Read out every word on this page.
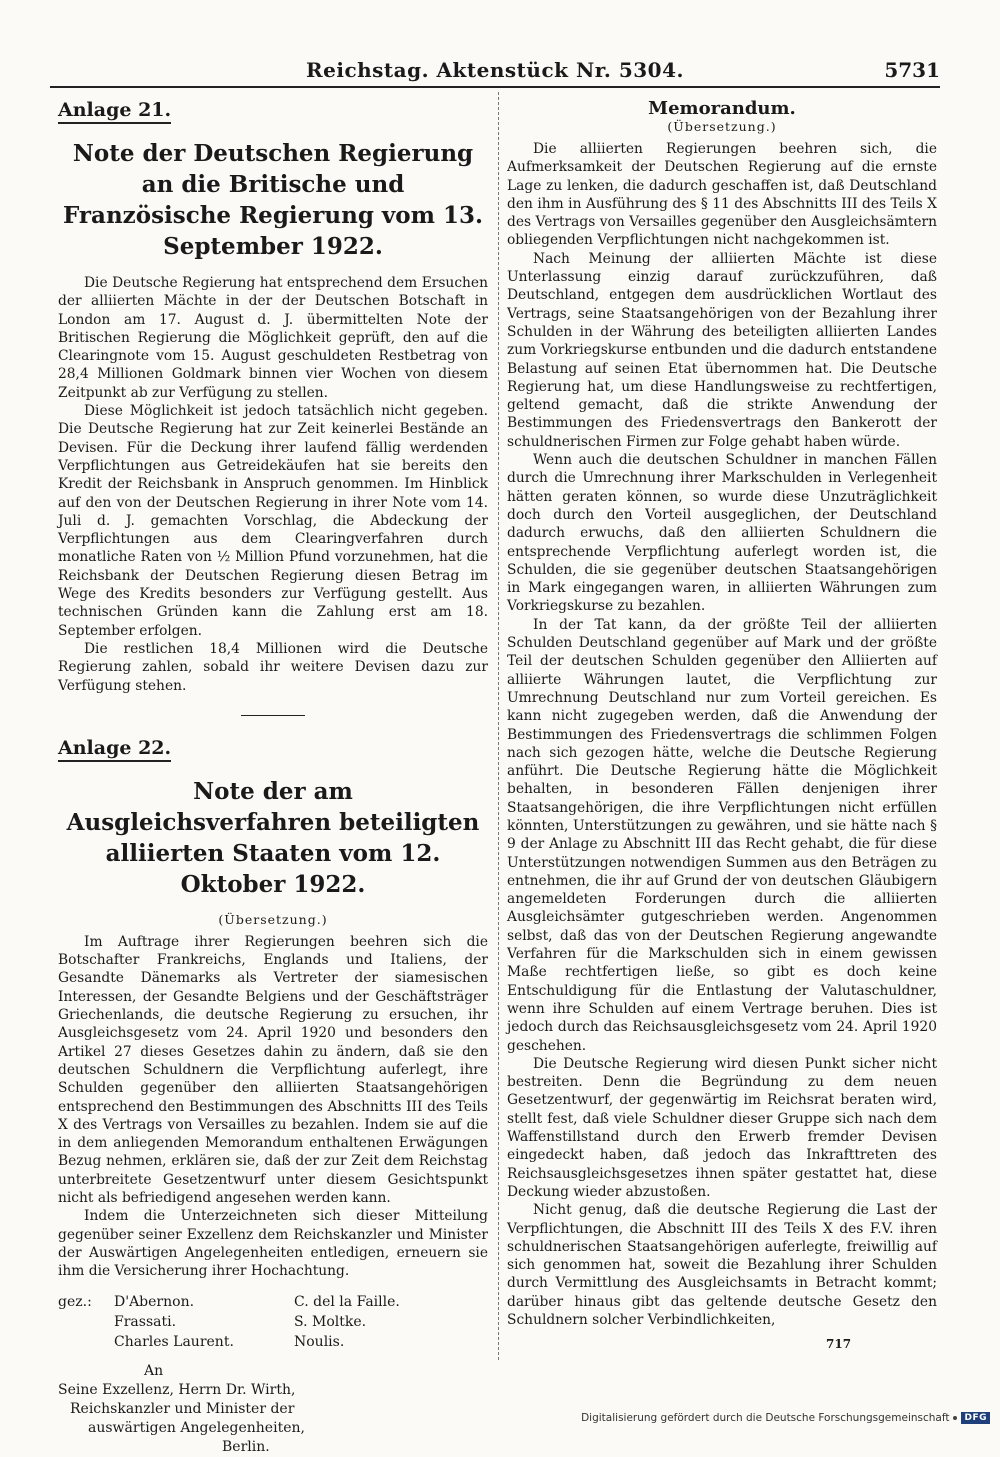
Reichstag. Aktenstück Nr. 5304.	5731
Anlage 21.
Note der Deutschen Regierung an die Britische und Französische Regierung vom 13. September 1922.

Die Deutsche Regierung hat entsprechend dem Ersuchen der alliierten Mächte in der der Deutschen Botschaft in London am 17. August d. J. übermittelten Note der Britischen Regierung die Möglichkeit geprüft, den auf die Clearingnote vom 15. August geschuldeten Restbetrag von 28,4 Millionen Goldmark binnen vier Wochen von diesem Zeitpunkt ab zur Verfügung zu stellen.

Diese Möglichkeit ist jedoch tatsächlich nicht gegeben. Die Deutsche Regierung hat zur Zeit keinerlei Bestände an Devisen. Für die Deckung ihrer laufend fällig werdenden Verpflichtungen aus Getreidekäufen hat sie bereits den Kredit der Reichsbank in Anspruch genommen. Im Hinblick auf den von der Deutschen Regierung in ihrer Note vom 14. Juli d. J. gemachten Vorschlag, die Abdeckung der Verpflichtungen aus dem Clearingverfahren durch monatliche Raten von ½ Million Pfund vorzunehmen, hat die Reichsbank der Deutschen Regierung diesen Betrag im Wege des Kredits besonders zur Verfügung gestellt. Aus technischen Gründen kann die Zahlung erst am 18. September erfolgen.

Die restlichen 18,4 Millionen wird die Deutsche Regierung zahlen, sobald ihr weitere Devisen dazu zur Verfügung stehen.

Anlage 22.
Note der am Ausgleichsverfahren beteiligten alliierten Staaten vom 12. Oktober 1922.
(Übersetzung.)

Im Auftrage ihrer Regierungen beehren sich die Botschafter Frankreichs, Englands und Italiens, der Gesandte Dänemarks als Vertreter der siamesischen Interessen, der Gesandte Belgiens und der Geschäftsträger Griechenlands, die deutsche Regierung zu ersuchen, ihr Ausgleichsgesetz vom 24. April 1920 und besonders den Artikel 27 dieses Gesetzes dahin zu ändern, daß sie den deutschen Schuldnern die Verpflichtung auferlegt, ihre Schulden gegenüber den alliierten Staatsangehörigen entsprechend den Bestimmungen des Abschnitts III des Teils X des Vertrags von Versailles zu bezahlen. Indem sie auf die in dem anliegenden Memorandum enthaltenen Erwägungen Bezug nehmen, erklären sie, daß der zur Zeit dem Reichstag unterbreitete Gesetzentwurf unter diesem Gesichtspunkt nicht als befriedigend angesehen werden kann.

Indem die Unterzeichneten sich dieser Mitteilung gegenüber seiner Exzellenz dem Reichskanzler und Minister der Auswärtigen Angelegenheiten entledigen, erneuern sie ihm die Versicherung ihrer Hochachtung.

gez.:	D'Abernon.	C. del la Faille.
	Frassati.	S. Moltke.
	Charles Laurent.	Noulis.
An
Seine Exzellenz, Herrn Dr. Wirth,
Reichskanzler und Minister der
auswärtigen Angelegenheiten,
Berlin.
Memorandum.
(Übersetzung.)

Die alliierten Regierungen beehren sich, die Aufmerksamkeit der Deutschen Regierung auf die ernste Lage zu lenken, die dadurch geschaffen ist, daß Deutschland den ihm in Ausführung des § 11 des Abschnitts III des Teils X des Vertrags von Versailles gegenüber den Ausgleichsämtern obliegenden Verpflichtungen nicht nachgekommen ist.

Nach Meinung der alliierten Mächte ist diese Unterlassung einzig darauf zurückzuführen, daß Deutschland, entgegen dem ausdrücklichen Wortlaut des Vertrags, seine Staatsangehörigen von der Bezahlung ihrer Schulden in der Währung des beteiligten alliierten Landes zum Vorkriegskurse entbunden und die dadurch entstandene Belastung auf seinen Etat übernommen hat. Die Deutsche Regierung hat, um diese Handlungsweise zu rechtfertigen, geltend gemacht, daß die strikte Anwendung der Bestimmungen des Friedensvertrags den Bankerott der schuldnerischen Firmen zur Folge gehabt haben würde.

Wenn auch die deutschen Schuldner in manchen Fällen durch die Umrechnung ihrer Markschulden in Verlegenheit hätten geraten können, so wurde diese Unzuträglichkeit doch durch den Vorteil ausgeglichen, der Deutschland dadurch erwuchs, daß den alliierten Schuldnern die entsprechende Verpflichtung auferlegt worden ist, die Schulden, die sie gegenüber deutschen Staatsangehörigen in Mark eingegangen waren, in alliierten Währungen zum Vorkriegskurse zu bezahlen.

In der Tat kann, da der größte Teil der alliierten Schulden Deutschland gegenüber auf Mark und der größte Teil der deutschen Schulden gegenüber den Alliierten auf alliierte Währungen lautet, die Verpflichtung zur Umrechnung Deutschland nur zum Vorteil gereichen. Es kann nicht zugegeben werden, daß die Anwendung der Bestimmungen des Friedensvertrags die schlimmen Folgen nach sich gezogen hätte, welche die Deutsche Regierung anführt. Die Deutsche Regierung hätte die Möglichkeit behalten, in besonderen Fällen denjenigen ihrer Staatsangehörigen, die ihre Verpflichtungen nicht erfüllen könnten, Unterstützungen zu gewähren, und sie hätte nach § 9 der Anlage zu Abschnitt III das Recht gehabt, die für diese Unterstützungen notwendigen Summen aus den Beträgen zu entnehmen, die ihr auf Grund der von deutschen Gläubigern angemeldeten Forderungen durch die alliierten Ausgleichsämter gutgeschrieben werden. Angenommen selbst, daß das von der Deutschen Regierung angewandte Verfahren für die Markschulden sich in einem gewissen Maße rechtfertigen ließe, so gibt es doch keine Entschuldigung für die Entlastung der Valutaschuldner, wenn ihre Schulden auf einem Vertrage beruhen. Dies ist jedoch durch das Reichsausgleichsgesetz vom 24. April 1920 geschehen.

Die Deutsche Regierung wird diesen Punkt sicher nicht bestreiten. Denn die Begründung zu dem neuen Gesetzentwurf, der gegenwärtig im Reichsrat beraten wird, stellt fest, daß viele Schuldner dieser Gruppe sich nach dem Waffenstillstand durch den Erwerb fremder Devisen eingedeckt haben, daß jedoch das Inkrafttreten des Reichsausgleichsgesetzes ihnen später gestattet hat, diese Deckung wieder abzustoßen.

Nicht genug, daß die deutsche Regierung die Last der Verpflichtungen, die Abschnitt III des Teils X des F.V. ihren schuldnerischen Staatsangehörigen auferlegte, freiwillig auf sich genommen hat, soweit die Bezahlung ihrer Schulden durch Vermittlung des Ausgleichsamts in Betracht kommt; darüber hinaus gibt das geltende deutsche Gesetz den Schuldnern solcher Verbindlichkeiten,

717
Digitalisierung gefördert durch die Deutsche Forschungsgemeinschaft	DFG
